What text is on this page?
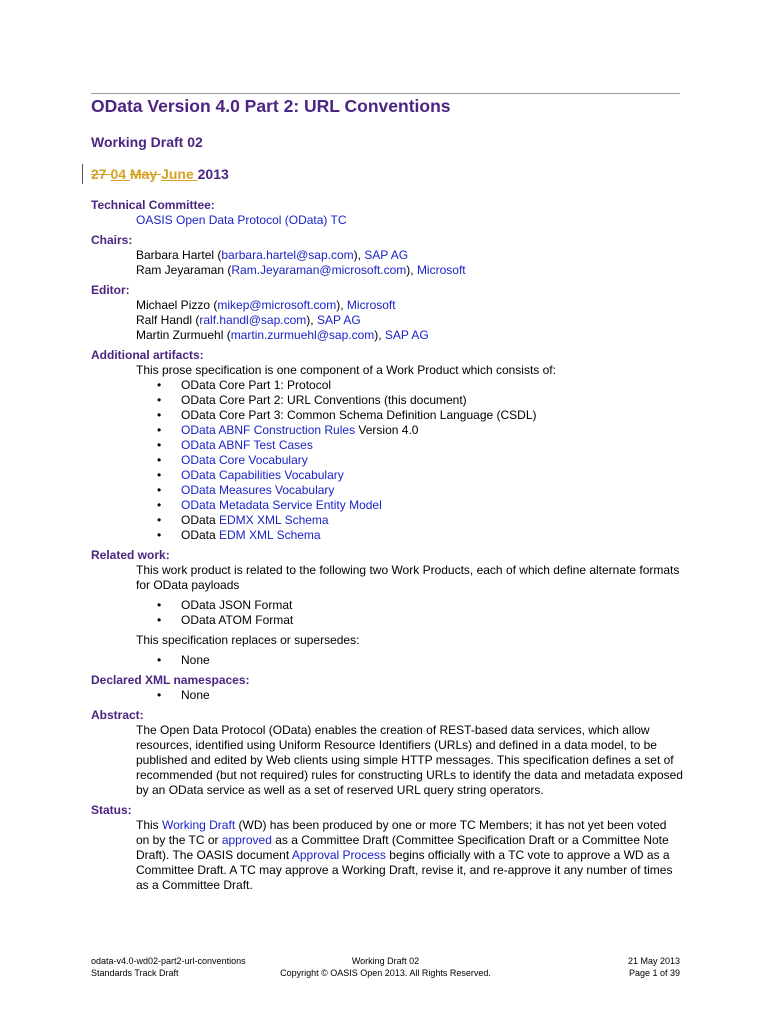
OData Version 4.0 Part 2: URL Conventions
Working Draft 02
27 04 May June 2013
Technical Committee:
OASIS Open Data Protocol (OData) TC
Chairs:
Barbara Hartel (barbara.hartel@sap.com), SAP AG
Ram Jeyaraman (Ram.Jeyaraman@microsoft.com), Microsoft
Editor:
Michael Pizzo (mikep@microsoft.com), Microsoft
Ralf Handl (ralf.handl@sap.com), SAP AG
Martin Zurmuehl (martin.zurmuehl@sap.com), SAP AG
Additional artifacts:
This prose specification is one component of a Work Product which consists of:
• OData Core Part 1: Protocol
• OData Core Part 2: URL Conventions (this document)
• OData Core Part 3: Common Schema Definition Language (CSDL)
• OData ABNF Construction Rules Version 4.0
• OData ABNF Test Cases
• OData Core Vocabulary
• OData Capabilities Vocabulary
• OData Measures Vocabulary
• OData Metadata Service Entity Model
• OData EDMX XML Schema
• OData EDM XML Schema
Related work:
This work product is related to the following two Work Products, each of which define alternate formats for OData payloads
• OData JSON Format
• OData ATOM Format
This specification replaces or supersedes:
• None
Declared XML namespaces:
• None
Abstract:
The Open Data Protocol (OData) enables the creation of REST-based data services, which allow resources, identified using Uniform Resource Identifiers (URLs) and defined in a data model, to be published and edited by Web clients using simple HTTP messages. This specification defines a set of recommended (but not required) rules for constructing URLs to identify the data and metadata exposed by an OData service as well as a set of reserved URL query string operators.
Status:
This Working Draft (WD) has been produced by one or more TC Members; it has not yet been voted on by the TC or approved as a Committee Draft (Committee Specification Draft or a Committee Note Draft). The OASIS document Approval Process begins officially with a TC vote to approve a WD as a Committee Draft. A TC may approve a Working Draft, revise it, and re-approve it any number of times as a Committee Draft.
odata-v4.0-wd02-part2-url-conventions
Standards Track Draft
Working Draft 02
Copyright © OASIS Open 2013. All Rights Reserved.
21 May 2013
Page 1 of 39
